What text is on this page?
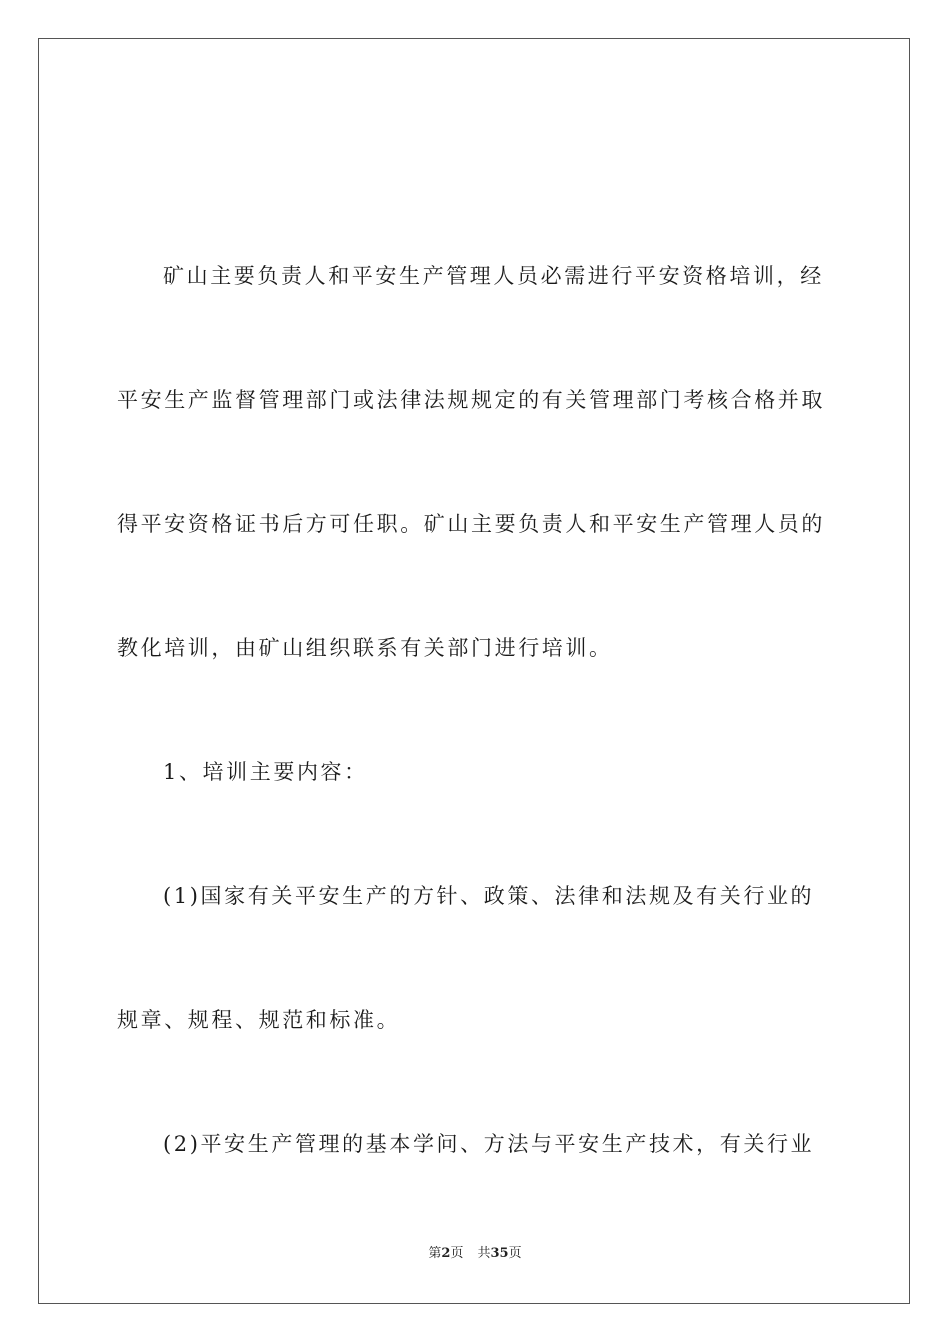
矿山主要负责人和平安生产管理人员必需进行平安资格培训，经
平安生产监督管理部门或法律法规规定的有关管理部门考核合格并取
得平安资格证书后方可任职。矿山主要负责人和平安生产管理人员的
教化培训，由矿山组织联系有关部门进行培训。
1、培训主要内容：
(1)国家有关平安生产的方针、政策、法律和法规及有关行业的
规章、规程、规范和标准。
(2)平安生产管理的基本学问、方法与平安生产技术，有关行业
第2页 共35页
